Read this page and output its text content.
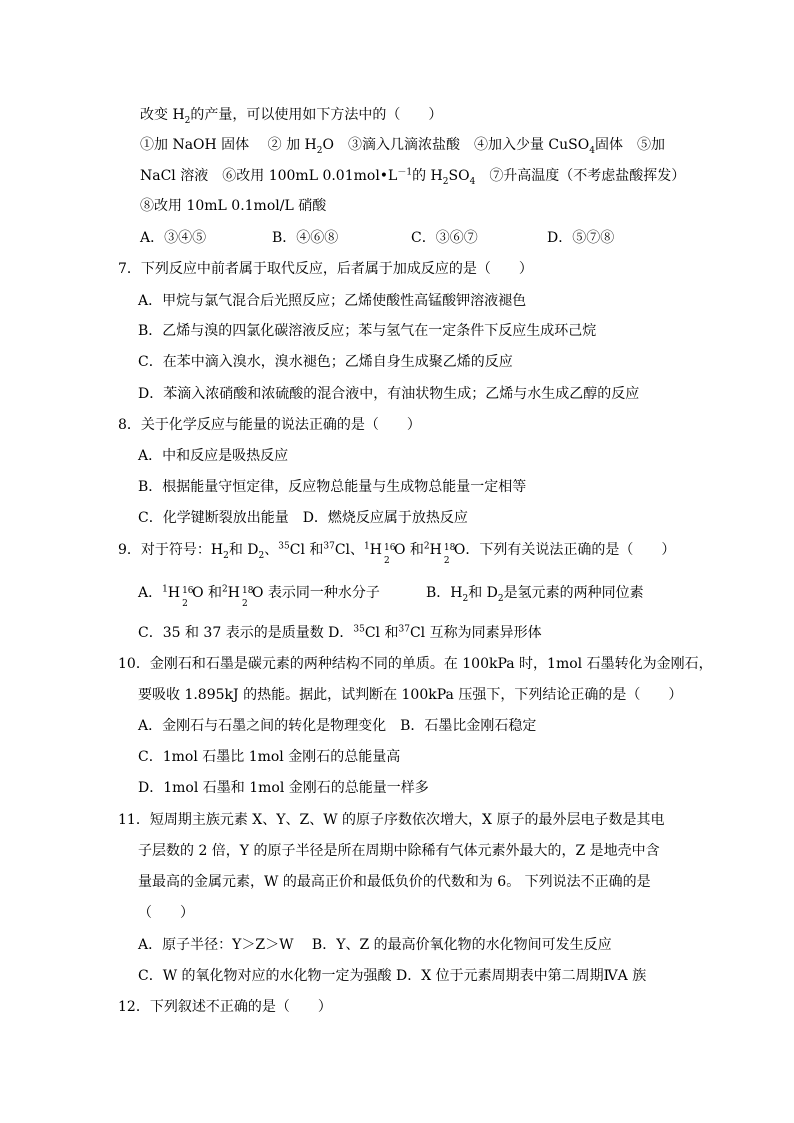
改变 $H_2$的产量，可以使用如下方法中的（　　）
①加 NaOH 固体　 ② 加 $H_2O$　 ③滴入几滴浓盐酸　 ④加入少量 CuSO$_4$固体　 ⑤加
NaCl 溶液　 ⑥改用 100mL $0.01mol•L^{-1}$的 $H_2SO_4$　 ⑦升高温度（不考虑盐酸挥发）
⑧改用 10mL 0.1mol/L 硝酸
A．③④⑤	B．④⑥⑧	C．③⑥⑦	D．⑤⑦⑧
7．下列反应中前者属于取代反应，后者属于加成反应的是（　　）
A．甲烷与氯气混合后光照反应；乙烯使酸性高锰酸钾溶液褪色
B．乙烯与溴的四氯化碳溶液反应；苯与氢气在一定条件下反应生成环己烷
C．在苯中滴入溴水，溴水褪色；乙烯自身生成聚乙烯的反应
D．苯滴入浓硝酸和浓硫酸的混合液中，有油状物生成；乙烯与水生成乙醇的反应
8．关于化学反应与能量的说法正确的是（　　）
A．中和反应是吸热反应
B．根据能量守恒定律，反应物总能量与生成物总能量一定相等
C．化学键断裂放出能量　D．燃烧反应属于放热反应
9．对于符号：$H_2$和 $D_2$、$^{35}$Cl 和$^{37}$Cl、$^1$H 16
2
O 和$^2$H 18
2
O．下列有关说法正确的是（　　）
A．$^1$H 16
2
O 和$^2$H 18
2
O 表示同一种水分子	B．$H_2$和 $D_2$是氢元素的两种同位素
C．35 和 37 表示的是质量数 D．$^{35}$Cl 和$^{37}$Cl 互称为同素异形体
10．金刚石和石墨是碳元素的两种结构不同的单质。在 100kPa 时，1mol 石墨转化为金刚石，
要吸收 1.895kJ 的热能。据此，试判断在 100kPa 压强下，下列结论正确的是（　　）
A．金刚石与石墨之间的转化是物理变化　B．石墨比金刚石稳定
C．1mol 石墨比 1mol 金刚石的总能量高
D．1mol 石墨和 1mol 金刚石的总能量一样多
11．短周期主族元素 X、Y、Z、W 的原子序数依次增大，X 原子的最外层电子数是其电
子层数的 2 倍，Y 的原子半径是所在周期中除稀有气体元素外最大的，Z 是地壳中含
量最高的金属元素，W 的最高正价和最低负价的代数和为 6。 下列说法不正确的是
（　　）
A．原子半径：Y＞Z＞W　 B．Y、Z 的最高价氧化物的水化物间可发生反应
C．W 的氧化物对应的水化物一定为强酸 D．X 位于元素周期表中第二周期ⅣA 族
12．下列叙述不正确的是（　　）
